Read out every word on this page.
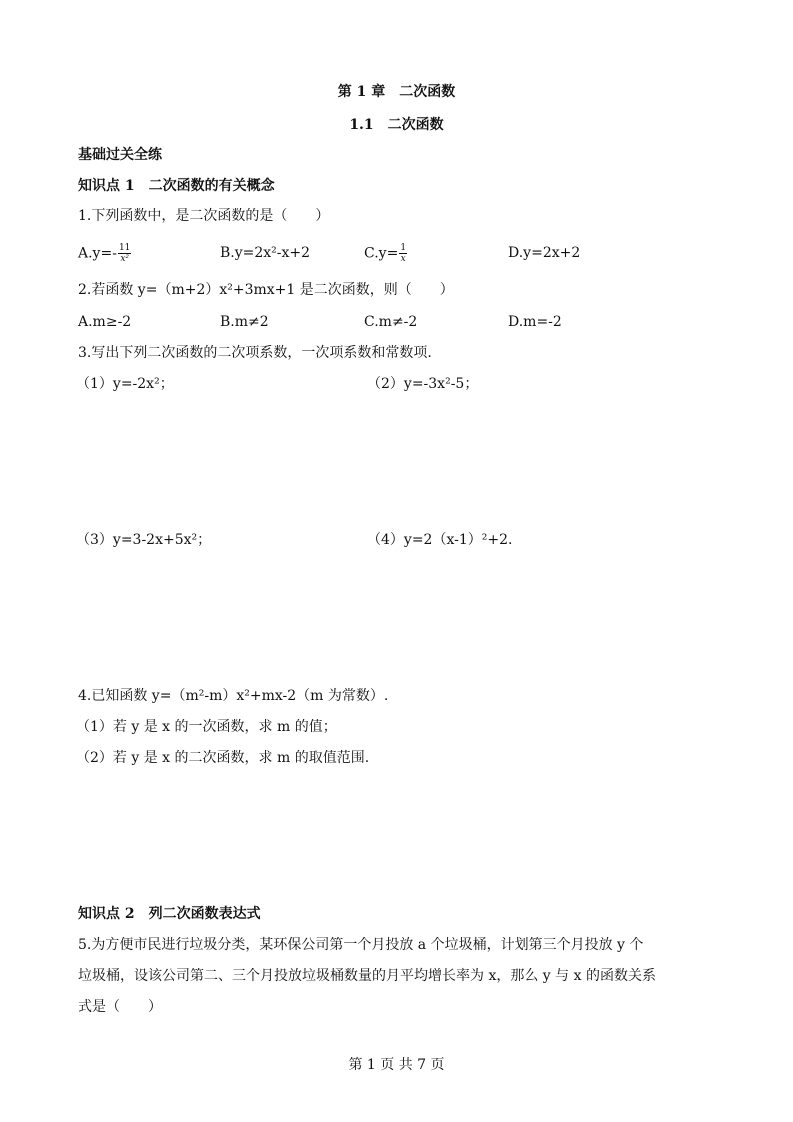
第 1 章　二次函数
1.1　二次函数
基础过关全练
知识点 1　二次函数的有关概念
1.下列函数中，是二次函数的是（　　）
$A.y=- \frac{11}{\text{x²}}$	B.y=2x²-x+2	$C.y= \frac{1}{x}$	D.y=2x+2
2.若函数 y=（m+2）x²+3mx+1 是二次函数，则（　　）
A.m≥-2	B.m≠2	C.m≠-2	D.m=-2
3.写出下列二次函数的二次项系数，一次项系数和常数项.
（1）y=-2x²；	（2）y=-3x²-5；
（3）y=3-2x+5x²；	（4）y=2（x-1）²+2.
4.已知函数 y=（m²-m）x²+mx-2（m 为常数）.
（1）若 y 是 x 的一次函数，求 m 的值；
（2）若 y 是 x 的二次函数，求 m 的取值范围.
知识点 2　列二次函数表达式
5.为方便市民进行垃圾分类，某环保公司第一个月投放 a 个垃圾桶，计划第三个月投放 y 个
垃圾桶，设该公司第二、三个月投放垃圾桶数量的月平均增长率为 x，那么 y 与 x 的函数关系
式是（　　）
第 1 页 共 7 页
